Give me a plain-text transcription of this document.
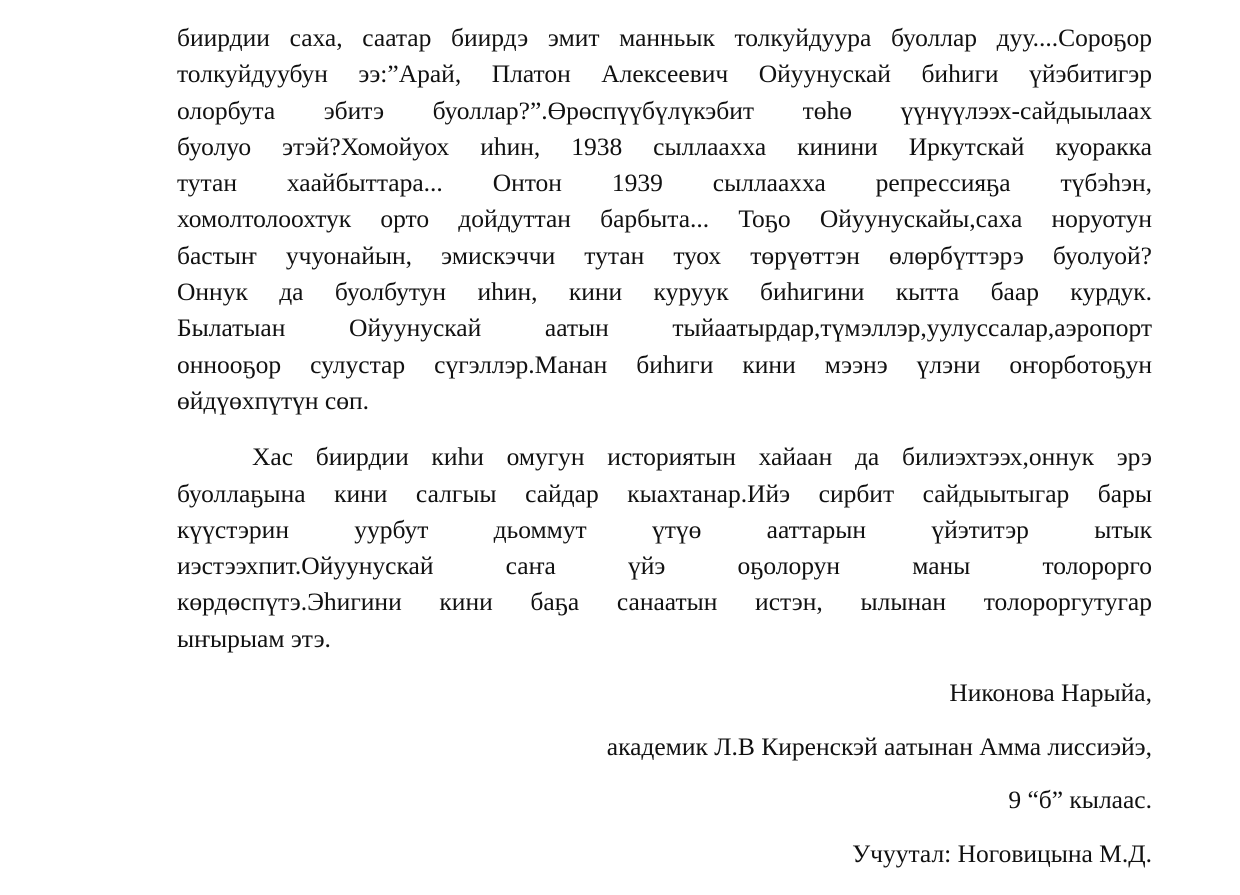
биирдии саха, саатар биирдэ эмит манньык толкуйдуура буоллар дуу....Сороҕор
толкуйдуубун ээ:”Арай, Платон Алексеевич Ойуунускай биһиги үйэбитигэр
олорбута эбитэ буоллар?”.Өрөспүүбүлүкэбит төһө үүнүүлээх-сайдыылаах
буолуо этэй?Хомойуох иһин, 1938 сыллаахха кинини Иркутскай куоракка
тутан хаайбыттара... Онтон 1939 сыллаахха репрессияҕа түбэһэн,
хомолтолоохтук орто дойдуттан барбыта... Тоҕо Ойуунускайы,саха норуотун
бастыҥ учуонайын, эмискэччи тутан туох төрүөттэн өлөрбүттэрэ буолуой?
Оннук да буолбутун иһин, кини куруук биһигини кытта баар курдук.
Былатыан Ойуунускай аатын тыйаатырдар,түмэллэр,уулуссалар,аэропорт
оннооҕор сулустар сүгэллэр.Манан биһиги кини мээнэ үлэни оҥорботоҕун
өйдүөхпүтүн сөп.
Хас биирдии киһи омугун историятын хайаан да билиэхтээх,оннук эрэ
буоллаҕына кини салгыы сайдар кыахтанар.Ийэ сирбит сайдыытыгар бары
күүстэрин уурбут дьоммут үтүө ааттарын үйэтитэр ытык
иэстээхпит.Ойуунускай саҥа үйэ оҕолорун маны толорорго
көрдөспүтэ.Эһигини кини баҕа санаатын истэн, ылынан толороргутугар
ыҥырыам этэ.
Никонова Нарыйа,
академик Л.В Киренскэй аатынан Амма лиссиэйэ,
9 “б” кылаас.
Учуутал: Ноговицына М.Д.
